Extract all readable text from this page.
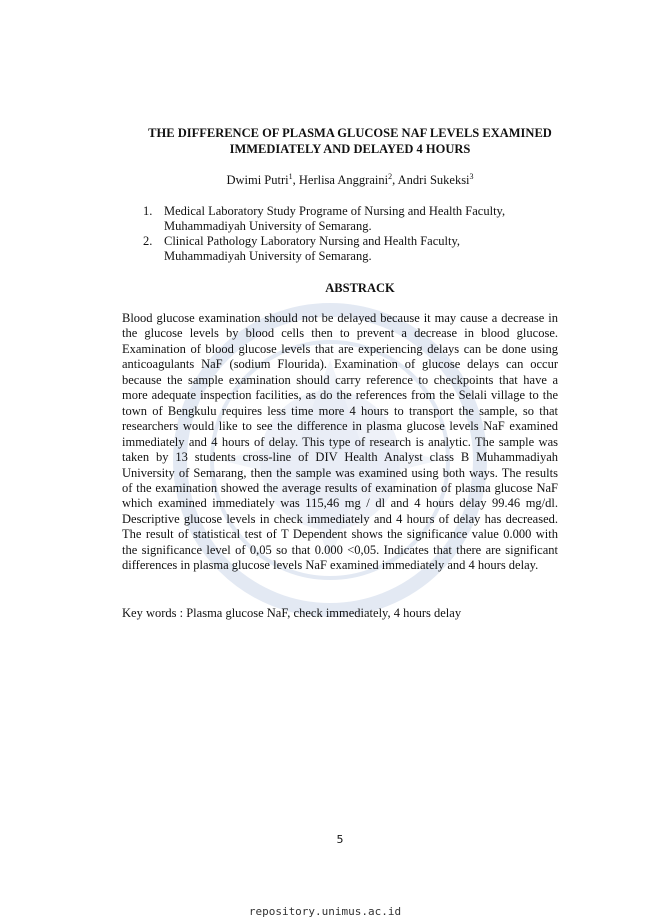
THE DIFFERENCE OF PLASMA GLUCOSE NAF LEVELS EXAMINED
IMMEDIATELY AND DELAYED 4 HOURS
Dwimi Putri$^1$, Herlisa Anggraini$^2$, Andri Sukeksi$^3$
1. Medical Laboratory Study Programe of Nursing and Health Faculty,
Muhammadiyah University of Semarang.
2. Clinical Pathology Laboratory Nursing and Health Faculty,
Muhammadiyah University of Semarang.
ABSTRACK

Blood glucose examination should not be delayed because it may cause a decrease in the glucose levels by blood cells then to prevent a decrease in blood glucose. Examination of blood glucose levels that are experiencing delays can be done using anticoagulants NaF (sodium Flourida). Examination of glucose delays can occur because the sample examination should carry reference to checkpoints that have a more adequate inspection facilities, as do the references from the Selali village to the town of Bengkulu requires less time more 4 hours to transport the sample, so that researchers would like to see the difference in plasma glucose levels NaF examined immediately and 4 hours of delay. This type of research is analytic. The sample was taken by 13 students cross-line of DIV Health Analyst class B Muhammadiyah University of Semarang, then the sample was examined using both ways. The results of the examination showed the average results of examination of plasma glucose NaF which examined immediately was 115,46 mg / dl and 4 hours delay 99.46 mg/dl. Descriptive glucose levels in check immediately and 4 hours of delay has decreased. The result of statistical test of T Dependent shows the significance value 0.000 with the significance level of 0,05 so that 0.000 <0,05. Indicates that there are significant differences in plasma glucose levels NaF examined immediately and 4 hours delay.

Key words : Plasma glucose NaF, check immediately, 4 hours delay
5
repository.unimus.ac.id
